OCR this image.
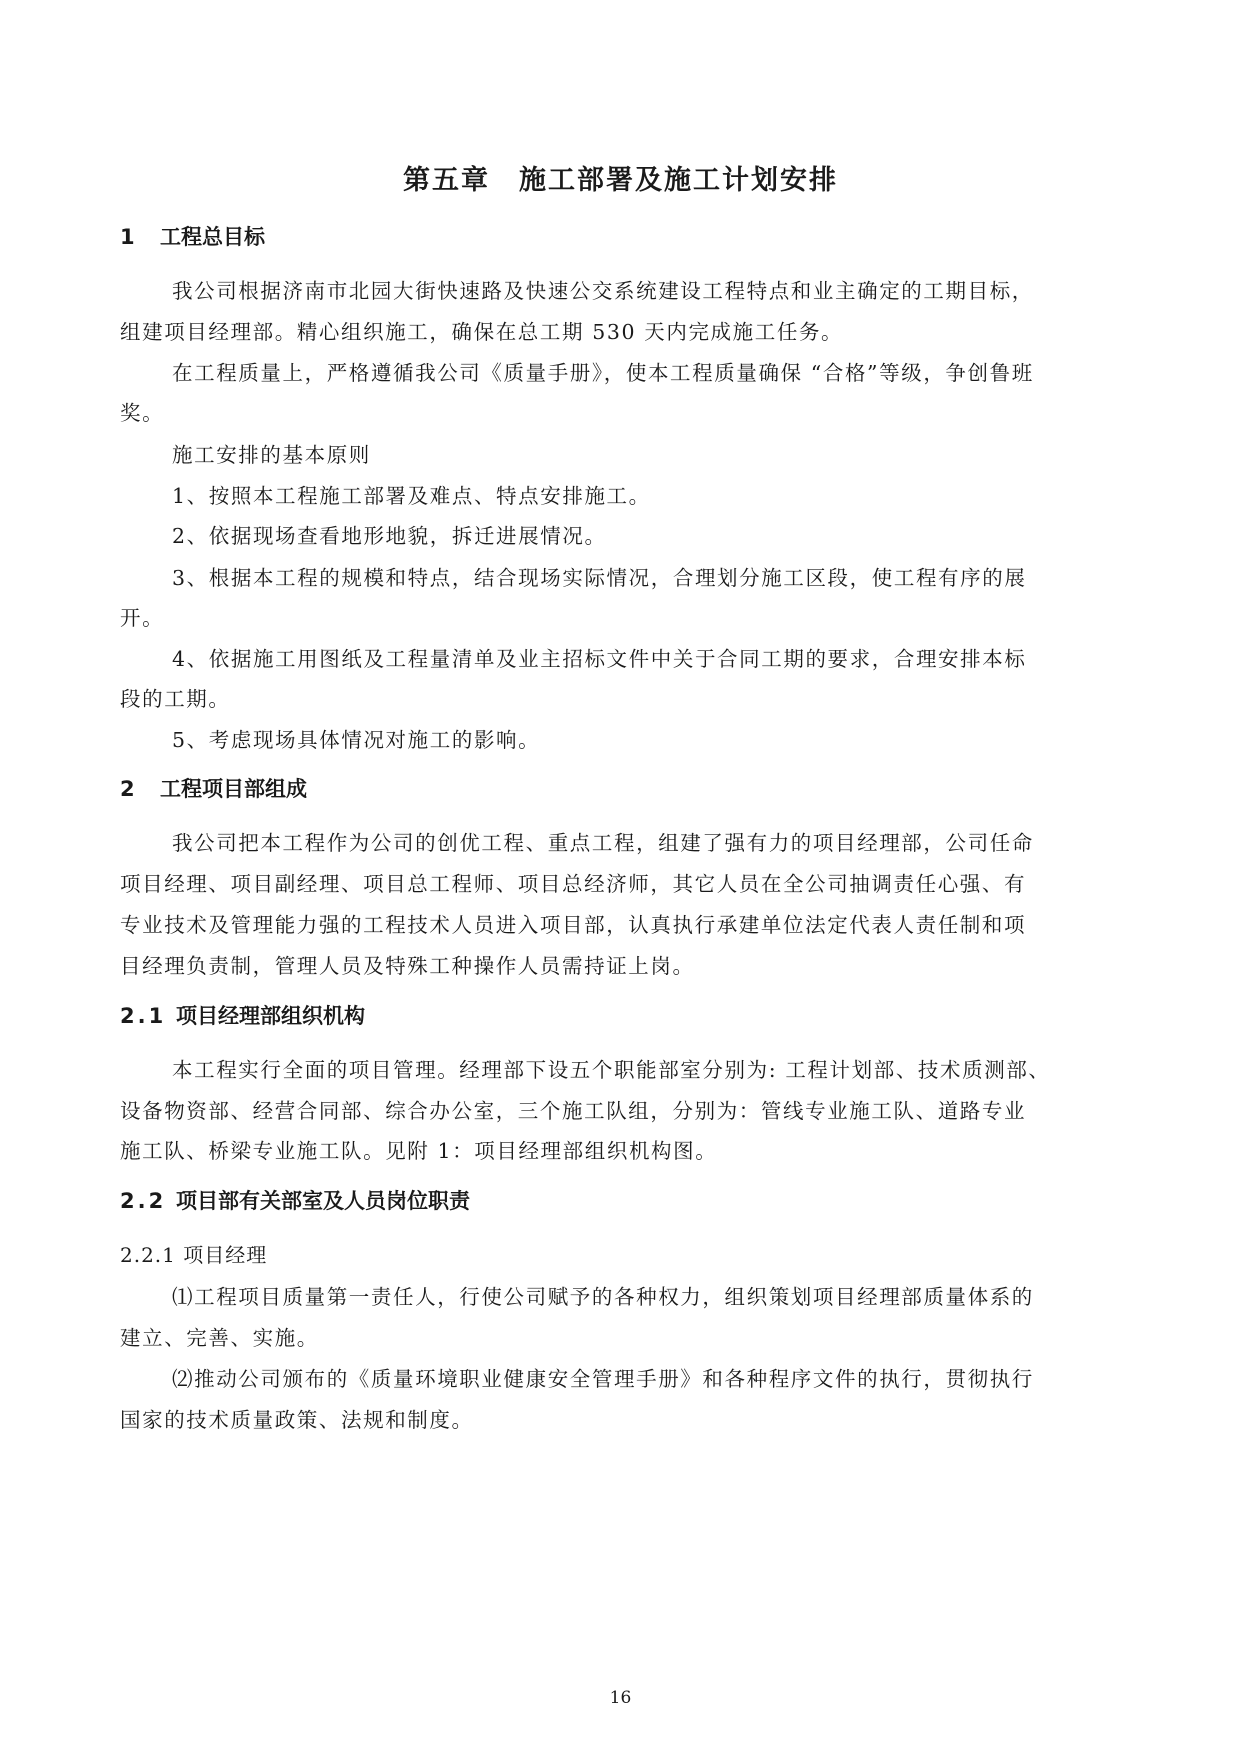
第五章　施工部署及施工计划安排
1 工程总目标
我公司根据济南市北园大街快速路及快速公交系统建设工程特点和业主确定的工期目标，
组建项目经理部。精心组织施工，确保在总工期 530 天内完成施工任务。
在工程质量上，严格遵循我公司《质量手册》，使本工程质量确保 “合格”等级，争创鲁班
奖。
施工安排的基本原则
1、按照本工程施工部署及难点、特点安排施工。
2、依据现场查看地形地貌，拆迁进展情况。
3、根据本工程的规模和特点，结合现场实际情况，合理划分施工区段，使工程有序的展
开。
4、依据施工用图纸及工程量清单及业主招标文件中关于合同工期的要求，合理安排本标
段的工期。
5、考虑现场具体情况对施工的影响。
2 工程项目部组成
我公司把本工程作为公司的创优工程、重点工程，组建了强有力的项目经理部，公司任命
项目经理、项目副经理、项目总工程师、项目总经济师，其它人员在全公司抽调责任心强、有
专业技术及管理能力强的工程技术人员进入项目部，认真执行承建单位法定代表人责任制和项
目经理负责制，管理人员及特殊工种操作人员需持证上岗。
2.1 项目经理部组织机构
本工程实行全面的项目管理。经理部下设五个职能部室分别为: 工程计划部、技术质测部、
设备物资部、经营合同部、综合办公室，三个施工队组，分别为：管线专业施工队、道路专业
施工队、桥梁专业施工队。见附 1：项目经理部组织机构图。
2.2 项目部有关部室及人员岗位职责
2.2.1 项目经理
⑴工程项目质量第一责任人，行使公司赋予的各种权力，组织策划项目经理部质量体系的
建立、完善、实施。
⑵推动公司颁布的《质量环境职业健康安全管理手册》和各种程序文件的执行，贯彻执行
国家的技术质量政策、法规和制度。
16
